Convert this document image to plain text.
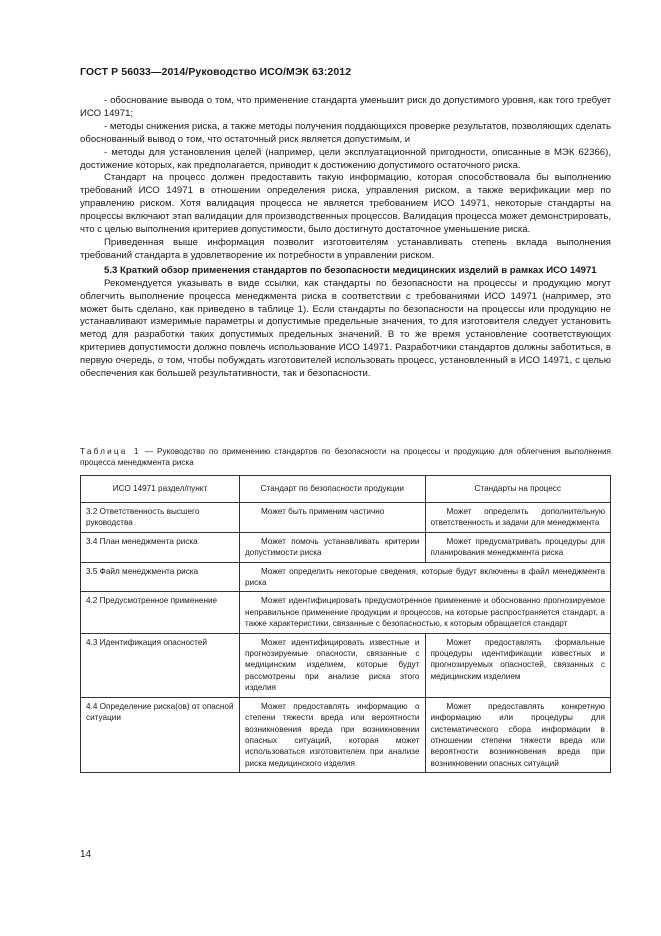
ГОСТ Р 56033—2014/Руководство ИСО/МЭК 63:2012

- обоснование вывода о том, что применение стандарта уменьшит риск до допустимого уровня, как того требует ИСО 14971;

- методы снижения риска, а также методы получения поддающихся проверке результатов, позволяющих сделать обоснованный вывод о том, что остаточный риск является допустимым, и

- методы для установления целей (например, цели эксплуатационной пригодности, описанные в МЭК 62366), достижение которых, как предполагается, приводит к достижению допустимого остаточного риска.

Стандарт на процесс должен предоставить такую информацию, которая способствовала бы выполнению требований ИСО 14971 в отношении определения риска, управления риском, а также верификации мер по управлению риском. Хотя валидация процесса не является требованием ИСО 14971, некоторые стандарты на процессы включают этап валидации для производственных процессов. Валидация процесса может демонстрировать, что с целью выполнения критериев допустимости, было достигнуто достаточное уменьшение риска.

Приведенная выше информация позволит изготовителям устанавливать степень вклада выполнения требований стандарта в удовлетворение их потребности в управлении риском.

5.3 Краткий обзор применения стандартов по безопасности медицинских изделий в рамках ИСО 14971

Рекомендуется указывать в виде ссылки, как стандарты по безопасности на процессы и продукцию могут облегчить выполнение процесса менеджмента риска в соответствии с требованиями ИСО 14971 (например, это может быть сделано, как приведено в таблице 1). Если стандарты по безопасности на процессы или продукцию не устанавливают измеримые параметры и допустимые предельные значения, то для изготовителя следует установить метод для разработки таких допустимых предельных значений. В то же время установление соответствующих критериев допустимости должно повлечь использование ИСО 14971. Разработчики стандартов должны заботиться, в первую очередь, о том, чтобы побуждать изготовителей использовать процесс, установленный в ИСО 14971, с целью обеспечения как большей результативности, так и безопасности.

Таблица 1 — Руководство по применению стандартов по безопасности на процессы и продукцию для облегчения выполнения процесса менеджмента риска
ИСО 14971 раздел/пункт	Стандарт по безопасности продукции	Стандарты на процесс
3.2 Ответственность высшего руководства	Может быть применим частично	Может определить дополнительную ответственность и задачи для менеджмента
3.4 План менеджмента риска	Может помочь устанавливать критерии допустимости риска	Может предусматривать процедуры для планирования менеджмента риска
3.5 Файл менеджмента риска	Может определить некоторые сведения, которые будут включены в файл менеджмента риска	
4.2 Предусмотренное применение	Может идентифицировать предусмотренное применение и обоснованно прогнозируемое неправильное применение продукции и процессов, на которые распространяется стандарт, а также характеристики, связанные с безопасностью, к которым обращается стандарт	
4.3 Идентификация опасностей	Может идентифицировать известные и прогнозируемые опасности, связанные с медицинским изделием, которые будут рассмотрены при анализе риска этого изделия	Может предоставлять формальные процедуры идентификации известных и прогнозируемых опасностей, связанных с медицинским изделием
4.4 Определение риска(ов) от опасной ситуации	Может предоставлять информацию о степени тяжести вреда или вероятности возникновения вреда при возникновении опасных ситуаций, которая может использоваться изготовителем при анализе риска медицинского изделия	Может предоставлять конкретную информацию или процедуры для систематического сбора информации в отношении степени тяжести вреда или вероятности возникновения вреда при возникновении опасных ситуаций
14
